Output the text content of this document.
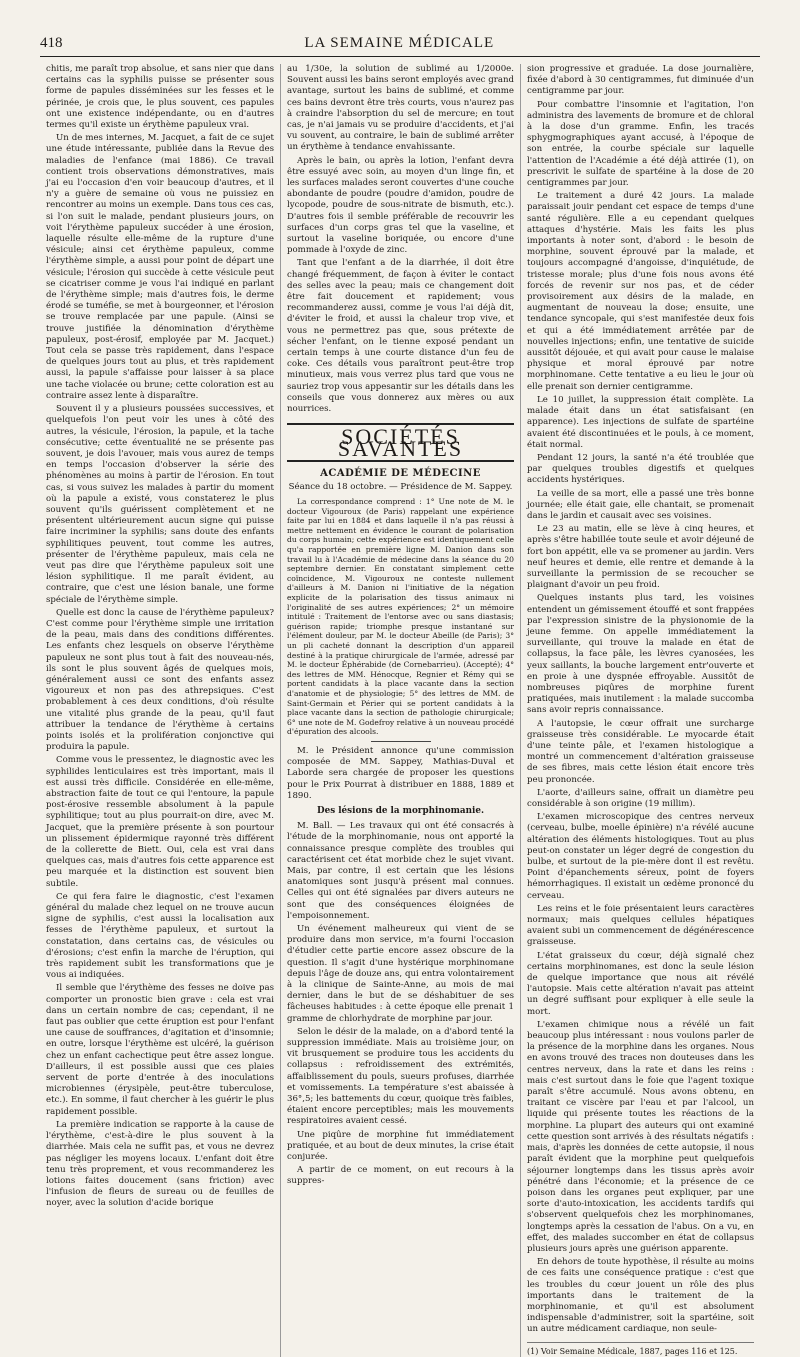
418	LA SEMAINE MÉDICALE

chitis, me paraît trop absolue, et sans nier que dans certains cas la syphilis puisse se présenter sous forme de papules disséminées sur les fesses et le périnée, je crois que, le plus souvent, ces papules ont une existence indépendante, ou en d'autres termes qu'il existe un érythème papuleux vrai.

Un de mes internes, M. Jacquet, a fait de ce sujet une étude intéressante, publiée dans la Revue des maladies de l'enfance (mai 1886). Ce travail contient trois observations démonstratives, mais j'ai eu l'occasion d'en voir beaucoup d'autres, et il n'y a guère de semaine où vous ne puissiez en rencontrer au moins un exemple. Dans tous ces cas, si l'on suit le malade, pendant plusieurs jours, on voit l'érythème papuleux succéder à une érosion, laquelle résulte elle-même de la rupture d'une vésicule; ainsi cet érythème papuleux, comme l'érythème simple, a aussi pour point de départ une vésicule; l'érosion qui succède à cette vésicule peut se cicatriser comme je vous l'ai indiqué en parlant de l'érythème simple; mais d'autres fois, le derme érodé se tuméfie, se met à bourgeonner, et l'érosion se trouve remplacée par une papule. (Ainsi se trouve justifiée la dénomination d'érythème papuleux, post-érosif, employée par M. Jacquet.) Tout cela se passe très rapidement, dans l'espace de quelques jours tout au plus, et très rapidement aussi, la papule s'affaisse pour laisser à sa place une tache violacée ou brune; cette coloration est au contraire assez lente à disparaître.

Souvent il y a plusieurs poussées successives, et quelquefois l'on peut voir les unes à côté des autres, la vésicule, l'érosion, la papule, et la tache consécutive; cette éventualité ne se présente pas souvent, je dois l'avouer, mais vous aurez de temps en temps l'occasion d'observer la série des phénomènes au moins à partir de l'érosion. En tout cas, si vous suivez les malades à partir du moment où la papule a existé, vous constaterez le plus souvent qu'ils guérissent complètement et ne présentent ultérieurement aucun signe qui puisse faire incriminer la syphilis; sans doute des enfants syphilitiques peuvent, tout comme les autres, présenter de l'érythème papuleux, mais cela ne veut pas dire que l'érythème papuleux soit une lésion syphilitique. Il me paraît évident, au contraire, que c'est une lésion banale, une forme spéciale de l'érythème simple.

Quelle est donc la cause de l'érythème papuleux? C'est comme pour l'érythème simple une irritation de la peau, mais dans des conditions différentes. Les enfants chez lesquels on observe l'érythème papuleux ne sont plus tout à fait des nouveau-nés, ils sont le plus souvent âgés de quelques mois, généralement aussi ce sont des enfants assez vigoureux et non pas des athrepsiques. C'est probablement à ces deux conditions, d'où résulte une vitalité plus grande de la peau, qu'il faut attribuer la tendance de l'érythème à certains points isolés et la prolifération conjonctive qui produira la papule.

Comme vous le pressentez, le diagnostic avec les syphilides lenticulaires est très important, mais il est aussi très difficile. Considérée en elle-même, abstraction faite de tout ce qui l'entoure, la papule post-érosive ressemble absolument à la papule syphilitique; tout au plus pourrait-on dire, avec M. Jacquet, que la première présente à son pourtour un plissement épidermique rayonné très différent de la collerette de Biett. Oui, cela est vrai dans quelques cas, mais d'autres fois cette apparence est peu marquée et la distinction est souvent bien subtile.

Ce qui fera faire le diagnostic, c'est l'examen général du malade chez lequel on ne trouve aucun signe de syphilis, c'est aussi la localisation aux fesses de l'érythème papuleux, et surtout la constatation, dans certains cas, de vésicules ou d'érosions; c'est enfin la marche de l'éruption, qui très rapidement subit les transformations que je vous ai indiquées.

Il semble que l'érythème des fesses ne doive pas comporter un pronostic bien grave : cela est vrai dans un certain nombre de cas; cependant, il ne faut pas oublier que cette éruption est pour l'enfant une cause de souffrances, d'agitation et d'insomnie; en outre, lorsque l'érythème est ulcéré, la guérison chez un enfant cachectique peut être assez longue. D'ailleurs, il est possible aussi que ces plaies servent de porte d'entrée à des inoculations microbiennes (érysipèle, peut-être tuberculose, etc.). En somme, il faut chercher à les guérir le plus rapidement possible.

La première indication se rapporte à la cause de l'érythème, c'est-à-dire le plus souvent à la diarrhée. Mais cela ne suffit pas, et vous ne devrez pas négliger les moyens locaux. L'enfant doit être tenu très proprement, et vous recommanderez les lotions faites doucement (sans friction) avec l'infusion de fleurs de sureau ou de feuilles de noyer, avec la solution d'acide borique

au 1/30e, la solution de sublimé au 1/2000e. Souvent aussi les bains seront employés avec grand avantage, surtout les bains de sublimé, et comme ces bains devront être très courts, vous n'aurez pas à craindre l'absorption du sel de mercure; en tout cas, je n'ai jamais vu se produire d'accidents, et j'ai vu souvent, au contraire, le bain de sublimé arrêter un érythème à tendance envahissante.

Après le bain, ou après la lotion, l'enfant devra être essuyé avec soin, au moyen d'un linge fin, et les surfaces malades seront couvertes d'une couche abondante de poudre (poudre d'amidon, poudre de lycopode, poudre de sous-nitrate de bismuth, etc.). D'autres fois il semble préférable de recouvrir les surfaces d'un corps gras tel que la vaseline, et surtout la vaseline boriquée, ou encore d'une pommade à l'oxyde de zinc.

Tant que l'enfant a de la diarrhée, il doit être changé fréquemment, de façon à éviter le contact des selles avec la peau; mais ce changement doit être fait doucement et rapidement; vous recommanderez aussi, comme je vous l'ai déjà dit, d'éviter le froid, et aussi la chaleur trop vive, et vous ne permettrez pas que, sous prétexte de sécher l'enfant, on le tienne exposé pendant un certain temps à une courte distance d'un feu de coke. Ces détails vous paraîtront peut-être trop minutieux, mais vous verrez plus tard que vous ne sauriez trop vous appesantir sur les détails dans les conseils que vous donnerez aux mères ou aux nourrices.

SOCIÉTÉS SAVANTES
ACADÉMIE DE MÉDECINE
Séance du 18 octobre. — Présidence de M. Sappey.

La correspondance comprend : 1° Une note de M. le docteur Vigouroux (de Paris) rappelant une expérience faite par lui en 1884 et dans laquelle il n'a pas réussi à mettre nettement en évidence le courant de polarisation du corps humain; cette expérience est identiquement celle qu'a rapportée en première ligne M. Danion dans son travail lu à l'Académie de médecine dans la séance du 20 septembre dernier. En constatant simplement cette coïncidence, M. Vigouroux ne conteste nullement d'ailleurs à M. Danion ni l'initiative de la négation explicite de la polarisation des tissus animaux ni l'originalité de ses autres expériences; 2° un mémoire intitulé : Traitement de l'entorse avec ou sans diastasis; guérison rapide; triomphe presque instantané sur l'élément douleur, par M. le docteur Abeille (de Paris); 3° un pli cacheté donnant la description d'un appareil destiné à la pratique chirurgicale de l'armée, adressé par M. le docteur Éphérabide (de Cornebarrieu). (Accepté); 4° des lettres de MM. Hénocque, Regnier et Rémy qui se portent candidats à la place vacante dans la section d'anatomie et de physiologie; 5° des lettres de MM. de Saint-Germain et Périer qui se portent candidats à la place vacante dans la section de pathologie chirurgicale; 6° une note de M. Godefroy relative à un nouveau procédé d'épuration des alcools.

M. le Président annonce qu'une commission composée de MM. Sappey, Mathias-Duval et Laborde sera chargée de proposer les questions pour le Prix Pourrat à distribuer en 1888, 1889 et 1890.

Des lésions de la morphinomanie.

M. Ball. — Les travaux qui ont été consacrés à l'étude de la morphinomanie, nous ont apporté la connaissance presque complète des troubles qui caractérisent cet état morbide chez le sujet vivant. Mais, par contre, il est certain que les lésions anatomiques sont jusqu'à présent mal connues. Celles qui ont été signalées par divers auteurs ne sont que des conséquences éloignées de l'empoisonnement.

Un événement malheureux qui vient de se produire dans mon service, m'a fourni l'occasion d'étudier cette partie encore assez obscure de la question. Il s'agit d'une hystérique morphinomane depuis l'âge de douze ans, qui entra volontairement à la clinique de Sainte-Anne, au mois de mai dernier, dans le but de se déshabituer de ses fâcheuses habitudes : à cette époque elle prenait 1 gramme de chlorhydrate de morphine par jour.

Selon le désir de la malade, on a d'abord tenté la suppression immédiate. Mais au troisième jour, on vit brusquement se produire tous les accidents du collapsus : refroidissement des extrémités, affaiblissement du pouls, sueurs profuses, diarrhée et vomissements. La température s'est abaissée à 36°,5; les battements du cœur, quoique très faibles, étaient encore perceptibles; mais les mouvements respiratoires avaient cessé.

Une piqûre de morphine fut immédiatement pratiquée, et au bout de deux minutes, la crise était conjurée.

A partir de ce moment, on eut recours à la suppres-

sion progressive et graduée. La dose journalière, fixée d'abord à 30 centigrammes, fut diminuée d'un centigramme par jour.

Pour combattre l'insomnie et l'agitation, l'on administra des lavements de bromure et de chloral à la dose d'un gramme. Enfin, les tracés sphygmographiques ayant accusé, à l'époque de son entrée, la courbe spéciale sur laquelle l'attention de l'Académie a été déjà attirée (1), on prescrivit le sulfate de spartéine à la dose de 20 centigrammes par jour.

Le traitement a duré 42 jours. La malade paraissait jouir pendant cet espace de temps d'une santé régulière. Elle a eu cependant quelques attaques d'hystérie. Mais les faits les plus importants à noter sont, d'abord : le besoin de morphine, souvent éprouvé par la malade, et toujours accompagné d'angoisse, d'inquiétude, de tristesse morale; plus d'une fois nous avons été forcés de revenir sur nos pas, et de céder provisoirement aux désirs de la malade, en augmentant de nouveau la dose; ensuite, une tendance syncopale, qui s'est manifestée deux fois et qui a été immédiatement arrêtée par de nouvelles injections; enfin, une tentative de suicide aussitôt déjouée, et qui avait pour cause le malaise physique et moral éprouvé par notre morphinomane. Cette tentative a eu lieu le jour où elle prenait son dernier centigramme.

Le 10 juillet, la suppression était complète. La malade était dans un état satisfaisant (en apparence). Les injections de sulfate de spartéine avaient été discontinuées et le pouls, à ce moment, était normal.

Pendant 12 jours, la santé n'a été troublée que par quelques troubles digestifs et quelques accidents hystériques.

La veille de sa mort, elle a passé une très bonne journée; elle était gaie, elle chantait, se promenait dans le jardin et causait avec ses voisines.

Le 23 au matin, elle se lève à cinq heures, et après s'être habillée toute seule et avoir déjeuné de fort bon appétit, elle va se promener au jardin. Vers neuf heures et demie, elle rentre et demande à la surveillante la permission de se recoucher se plaignant d'avoir un peu froid.

Quelques instants plus tard, les voisines entendent un gémissement étouffé et sont frappées par l'expression sinistre de la physionomie de la jeune femme. On appelle immédiatement la surveillante, qui trouve la malade en état de collapsus, la face pâle, les lèvres cyanosées, les yeux saillants, la bouche largement entr'ouverte et en proie à une dyspnée effroyable. Aussitôt de nombreuses piqûres de morphine furent pratiquées, mais inutilement : la malade succomba sans avoir repris connaissance.

A l'autopsie, le cœur offrait une surcharge graisseuse très considérable. Le myocarde était d'une teinte pâle, et l'examen histologique a montré un commencement d'altération graisseuse de ses fibres, mais cette lésion était encore très peu prononcée.

L'aorte, d'ailleurs saine, offrait un diamètre peu considérable à son origine (19 millim).

L'examen microscopique des centres nerveux (cerveau, bulbe, moelle épinière) n'a révélé aucune altération des éléments histologiques. Tout au plus peut-on constater un léger degré de congestion du bulbe, et surtout de la pie-mère dont il est revêtu. Point d'épanchements séreux, point de foyers hémorrhagiques. Il existait un œdème prononcé du cerveau.

Les reins et le foie présentaient leurs caractères normaux; mais quelques cellules hépatiques avaient subi un commencement de dégénérescence graisseuse.

L'état graisseux du cœur, déjà signalé chez certains morphinomanes, est donc la seule lésion de quelque importance que nous ait révélé l'autopsie. Mais cette altération n'avait pas atteint un degré suffisant pour expliquer à elle seule la mort.

L'examen chimique nous a révélé un fait beaucoup plus intéressant : nous voulons parler de la présence de la morphine dans les organes. Nous en avons trouvé des traces non douteuses dans les centres nerveux, dans la rate et dans les reins : mais c'est surtout dans le foie que l'agent toxique paraît s'être accumulé. Nous avons obtenu, en traitant ce viscère par l'eau et par l'alcool, un liquide qui présente toutes les réactions de la morphine. La plupart des auteurs qui ont examiné cette question sont arrivés à des résultats négatifs : mais, d'après les données de cette autopsie, il nous paraît évident que la morphine peut quelquefois séjourner longtemps dans les tissus après avoir pénétré dans l'économie; et la présence de ce poison dans les organes peut expliquer, par une sorte d'auto-intoxication, les accidents tardifs qui s'observent quelquefois chez les morphinomanes, longtemps après la cessation de l'abus. On a vu, en effet, des malades succomber en état de collapsus plusieurs jours après une guérison apparente.

En dehors de toute hypothèse, il résulte au moins de ces faits une conséquence pratique : c'est que les troubles du cœur jouent un rôle des plus importants dans le traitement de la morphinomanie, et qu'il est absolument indispensable d'administrer, soit la spartéine, soit un autre médicament cardiaque, non seule-

(1) Voir Semaine Médicale, 1887, pages 116 et 125.
